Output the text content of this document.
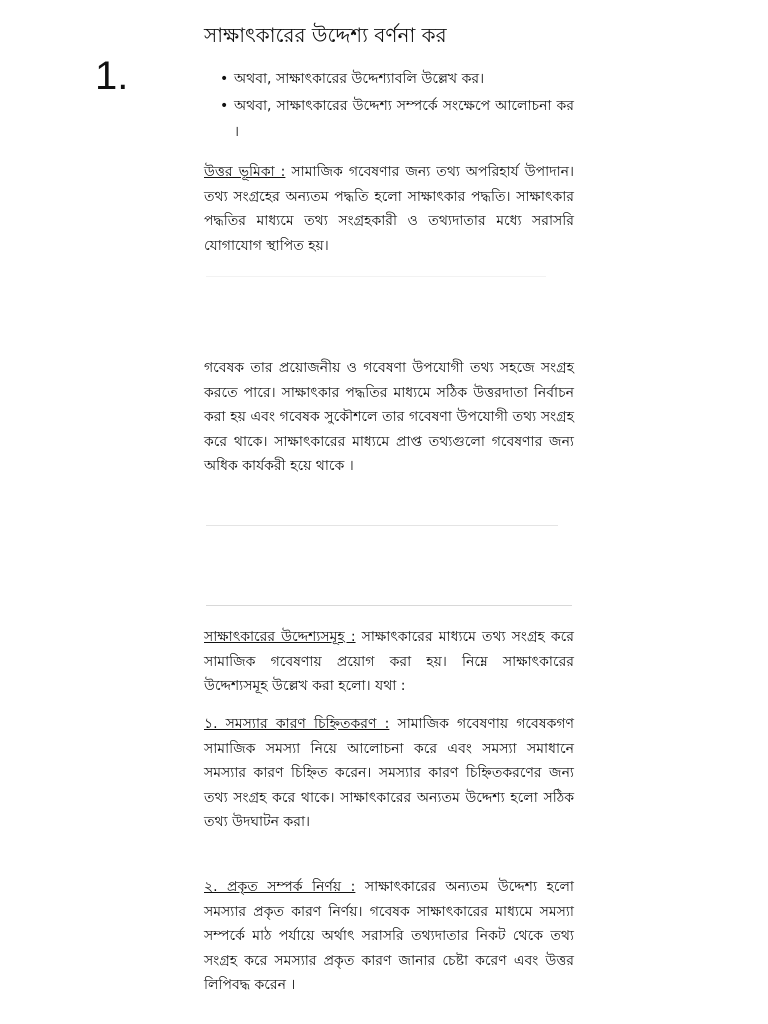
1.
সাক্ষাৎকারের উদ্দেশ্য বর্ণনা কর
• অথবা, সাক্ষাৎকারের উদ্দেশ্যাবলি উল্লেখ কর।
• অথবা, সাক্ষাৎকারের উদ্দেশ্য সম্পর্কে সংক্ষেপে আলোচনা কর ।

উত্তর ভূমিকা : সামাজিক গবেষণার জন্য তথ্য অপরিহার্য উপাদান। তথ্য সংগ্রহের অন্যতম পদ্ধতি হলো সাক্ষাৎকার পদ্ধতি। সাক্ষাৎকার পদ্ধতির মাধ্যমে তথ্য সংগ্রহকারী ও তথ্যদাতার মধ্যে সরাসরি যোগাযোগ স্থাপিত হয়।

গবেষক তার প্রয়োজনীয় ও গবেষণা উপযোগী তথ্য সহজে সংগ্রহ করতে পারে। সাক্ষাৎকার পদ্ধতির মাধ্যমে সঠিক উত্তরদাতা নির্বাচন করা হয় এবং গবেষক সুকৌশলে তার গবেষণা উপযোগী তথ্য সংগ্রহ করে থাকে। সাক্ষাৎকারের মাধ্যমে প্রাপ্ত তথ্যগুলো গবেষণার জন্য অধিক কার্যকরী হয়ে থাকে ।

সাক্ষাৎকারের উদ্দেশ্যসমূহ : সাক্ষাৎকারের মাধ্যমে তথ্য সংগ্রহ করে সামাজিক গবেষণায় প্রয়োগ করা হয়। নিম্নে সাক্ষাৎকারের উদ্দেশ্যসমূহ উল্লেখ করা হলো। যথা :

১. সমস্যার কারণ চিহ্নিতকরণ : সামাজিক গবেষণায় গবেষকগণ সামাজিক সমস্যা নিয়ে আলোচনা করে এবং সমস্যা সমাধানে সমস্যার কারণ চিহ্নিত করেন। সমস্যার কারণ চিহ্নিতকরণের জন্য তথ্য সংগ্রহ করে থাকে। সাক্ষাৎকারের অন্যতম উদ্দেশ্য হলো সঠিক তথ্য উদঘাটন করা।

২. প্রকৃত সম্পর্ক নির্ণয় : সাক্ষাৎকারের অন্যতম উদ্দেশ্য হলো সমস্যার প্রকৃত কারণ নির্ণয়। গবেষক সাক্ষাৎকারের মাধ্যমে সমস্যা সম্পর্কে মাঠ পর্যায়ে অর্থাৎ সরাসরি তথ্যদাতার নিকট থেকে তথ্য সংগ্রহ করে সমস্যার প্রকৃত কারণ জানার চেষ্টা করেণ এবং উত্তর লিপিবদ্ধ করেন ।
